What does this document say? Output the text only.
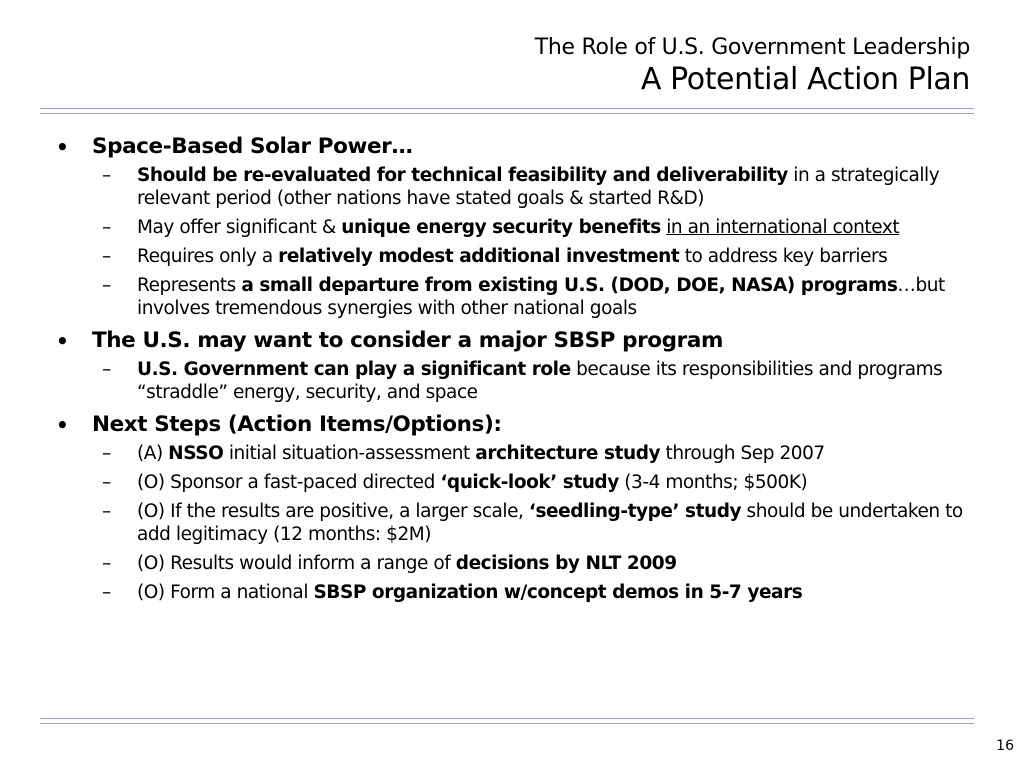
The Role of U.S. Government Leadership
A Potential Action Plan
•	Space-Based Solar Power…
–	Should be re-evaluated for technical feasibility and deliverability in a strategically relevant period (other nations have stated goals & started R&D)
–	May offer significant & unique energy security benefits in an international context
–	Requires only a relatively modest additional investment to address key barriers
–	Represents a small departure from existing U.S. (DOD, DOE, NASA) programs…but involves tremendous synergies with other national goals
•	The U.S. may want to consider a major SBSP program
–	U.S. Government can play a significant role because its responsibilities and programs “straddle” energy, security, and space
•	Next Steps (Action Items/Options):
–	(A) NSSO initial situation-assessment architecture study through Sep 2007
–	(O) Sponsor a fast-paced directed ‘quick-look’ study (3-4 months; $500K)
–	(O) If the results are positive, a larger scale, ‘seedling-type’ study should be undertaken to add legitimacy (12 months: $2M)
–	(O) Results would inform a range of decisions by NLT 2009
–	(O) Form a national SBSP organization w/concept demos in 5-7 years
16
